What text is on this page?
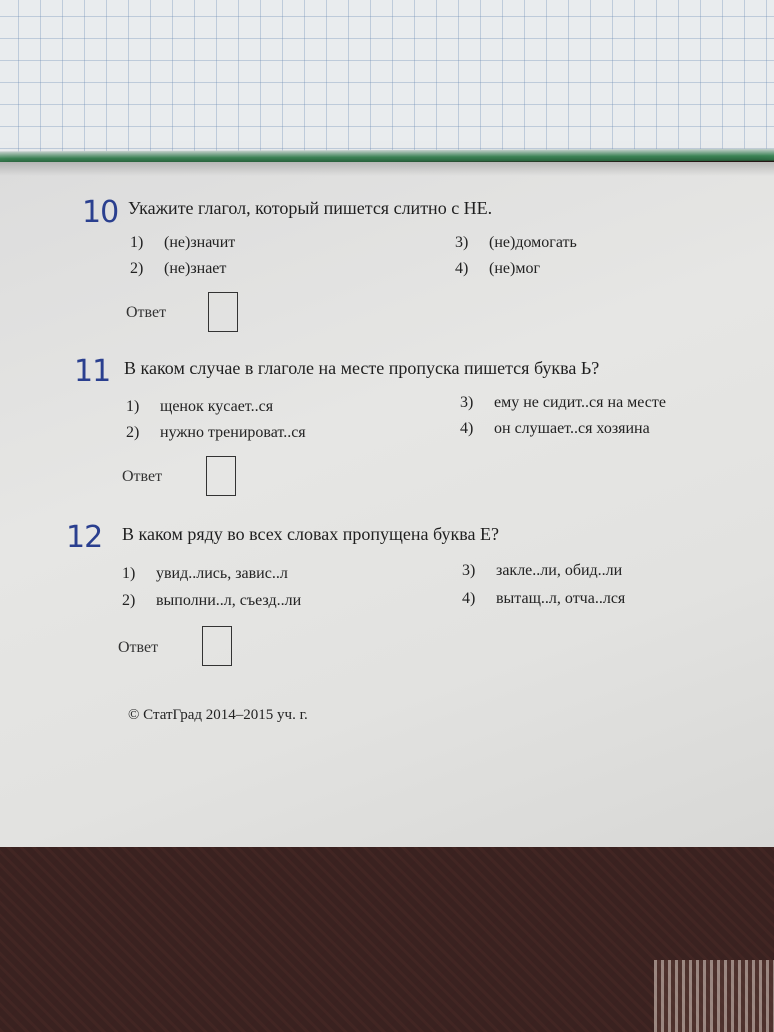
10 Укажите глагол, который пишется слитно с НЕ.
1) (не)значит
2) (не)знает
3) (не)домогать
4) (не)мог
Ответ
11 В каком случае в глаголе на месте пропуска пишется буква Ь?
1) щенок кусает..ся
2) нужно тренироват..ся
3) ему не сидит..ся на месте
4) он слушает..ся хозяина
Ответ
12 В каком ряду во всех словах пропущена буква Е?
1) увид..лись, завис..л
2) выполни..л, съезд..ли
3) закле..ли, обид..ли
4) вытащ..л, отча..лся
Ответ
© СтатГрад 2014–2015 уч. г.
